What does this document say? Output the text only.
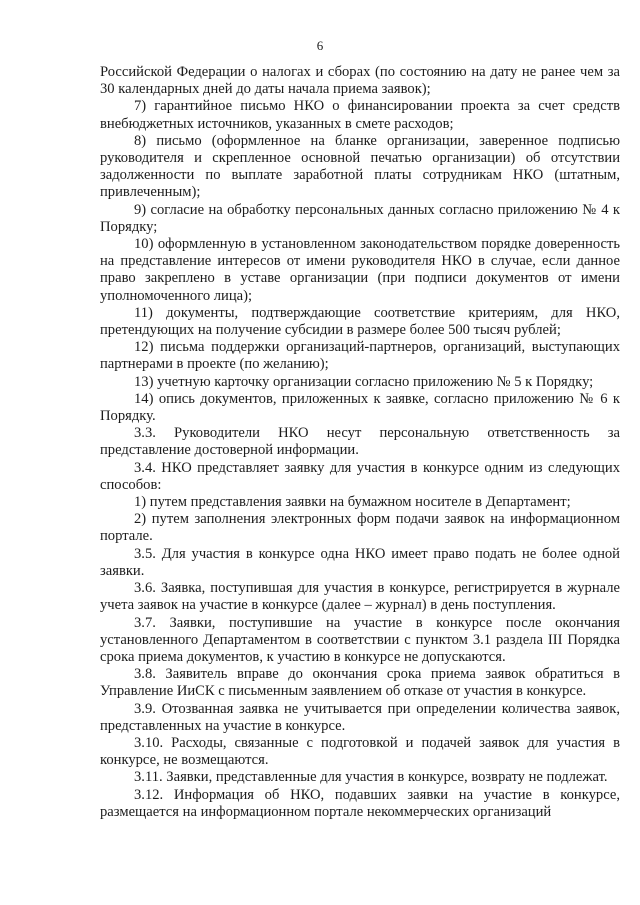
6

Российской Федерации о налогах и сборах (по состоянию на дату не ранее чем за 30 календарных дней до даты начала приема заявок);

7) гарантийное письмо НКО о финансировании проекта за счет средств внебюджетных источников, указанных в смете расходов;

8) письмо (оформленное на бланке организации, заверенное подписью руководителя и скрепленное основной печатью организации) об отсутствии задолженности по выплате заработной платы сотрудникам НКО (штатным, привлеченным);

9) согласие на обработку персональных данных согласно приложению № 4 к Порядку;

10) оформленную в установленном законодательством порядке доверенность на представление интересов от имени руководителя НКО в случае, если данное право закреплено в уставе организации (при подписи документов от имени уполномоченного лица);

11) документы, подтверждающие соответствие критериям, для НКО, претендующих на получение субсидии в размере более 500 тысяч рублей;

12) письма поддержки организаций-партнеров, организаций, выступающих партнерами в проекте (по желанию);

13) учетную карточку организации согласно приложению № 5 к Порядку;

14) опись документов, приложенных к заявке, согласно приложению № 6 к Порядку.

3.3. Руководители НКО несут персональную ответственность за представление достоверной информации.

3.4. НКО представляет заявку для участия в конкурсе одним из следующих способов:

1) путем представления заявки на бумажном носителе в Департамент;

2) путем заполнения электронных форм подачи заявок на информационном портале.

3.5. Для участия в конкурсе одна НКО имеет право подать не более одной заявки.

3.6. Заявка, поступившая для участия в конкурсе, регистрируется в журнале учета заявок на участие в конкурсе (далее – журнал) в день поступления.

3.7. Заявки, поступившие на участие в конкурсе после окончания установленного Департаментом в соответствии с пунктом 3.1 раздела III Порядка срока приема документов, к участию в конкурсе не допускаются.

3.8. Заявитель вправе до окончания срока приема заявок обратиться в Управление ИиСК с письменным заявлением об отказе от участия в конкурсе.

3.9. Отозванная заявка не учитывается при определении количества заявок, представленных на участие в конкурсе.

3.10. Расходы, связанные с подготовкой и подачей заявок для участия в конкурсе, не возмещаются.

3.11. Заявки, представленные для участия в конкурсе, возврату не подлежат.

3.12. Информация об НКО, подавших заявки на участие в конкурсе, размещается на информационном портале некоммерческих организаций
